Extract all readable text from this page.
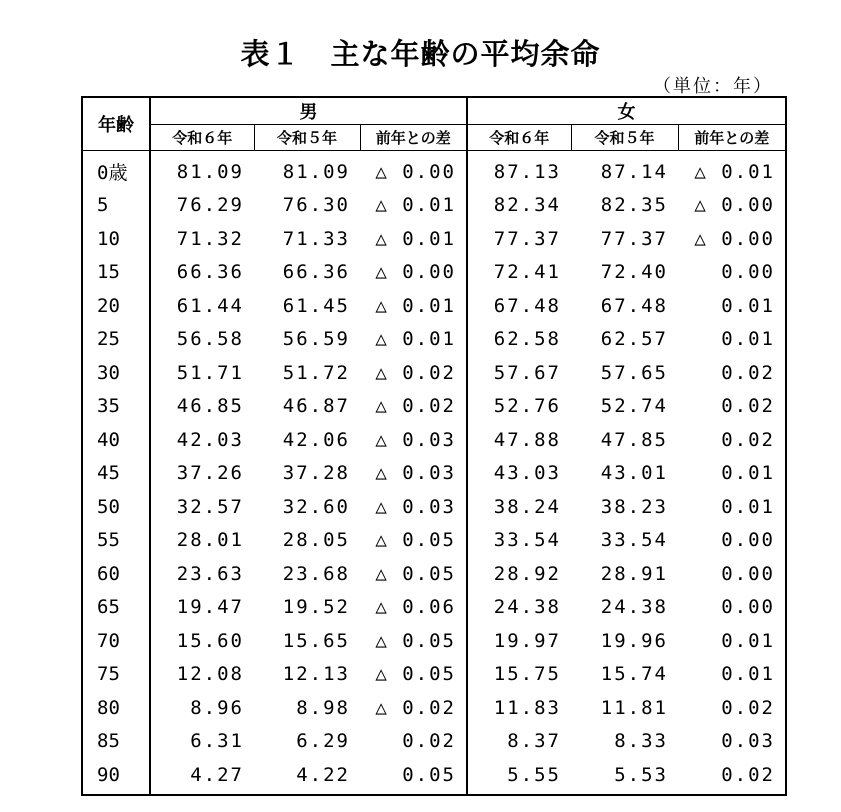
表１　主な年齢の平均余命
（単位：年）
年齢	男			女		
	令和６年	令和５年	前年との差	令和６年	令和５年	前年との差
0歳	81.09	81.09	△ 0.00	87.13	87.14	△ 0.01
5	76.29	76.30	△ 0.01	82.34	82.35	△ 0.00
10	71.32	71.33	△ 0.01	77.37	77.37	△ 0.00
15	66.36	66.36	△ 0.00	72.41	72.40	0.00
20	61.44	61.45	△ 0.01	67.48	67.48	0.01
25	56.58	56.59	△ 0.01	62.58	62.57	0.01
30	51.71	51.72	△ 0.02	57.67	57.65	0.02
35	46.85	46.87	△ 0.02	52.76	52.74	0.02
40	42.03	42.06	△ 0.03	47.88	47.85	0.02
45	37.26	37.28	△ 0.03	43.03	43.01	0.01
50	32.57	32.60	△ 0.03	38.24	38.23	0.01
55	28.01	28.05	△ 0.05	33.54	33.54	0.00
60	23.63	23.68	△ 0.05	28.92	28.91	0.00
65	19.47	19.52	△ 0.06	24.38	24.38	0.00
70	15.60	15.65	△ 0.05	19.97	19.96	0.01
75	12.08	12.13	△ 0.05	15.75	15.74	0.01
80	8.96	8.98	△ 0.02	11.83	11.81	0.02
85	6.31	6.29	0.02	8.37	8.33	0.03
90	4.27	4.22	0.05	5.55	5.53	0.02
